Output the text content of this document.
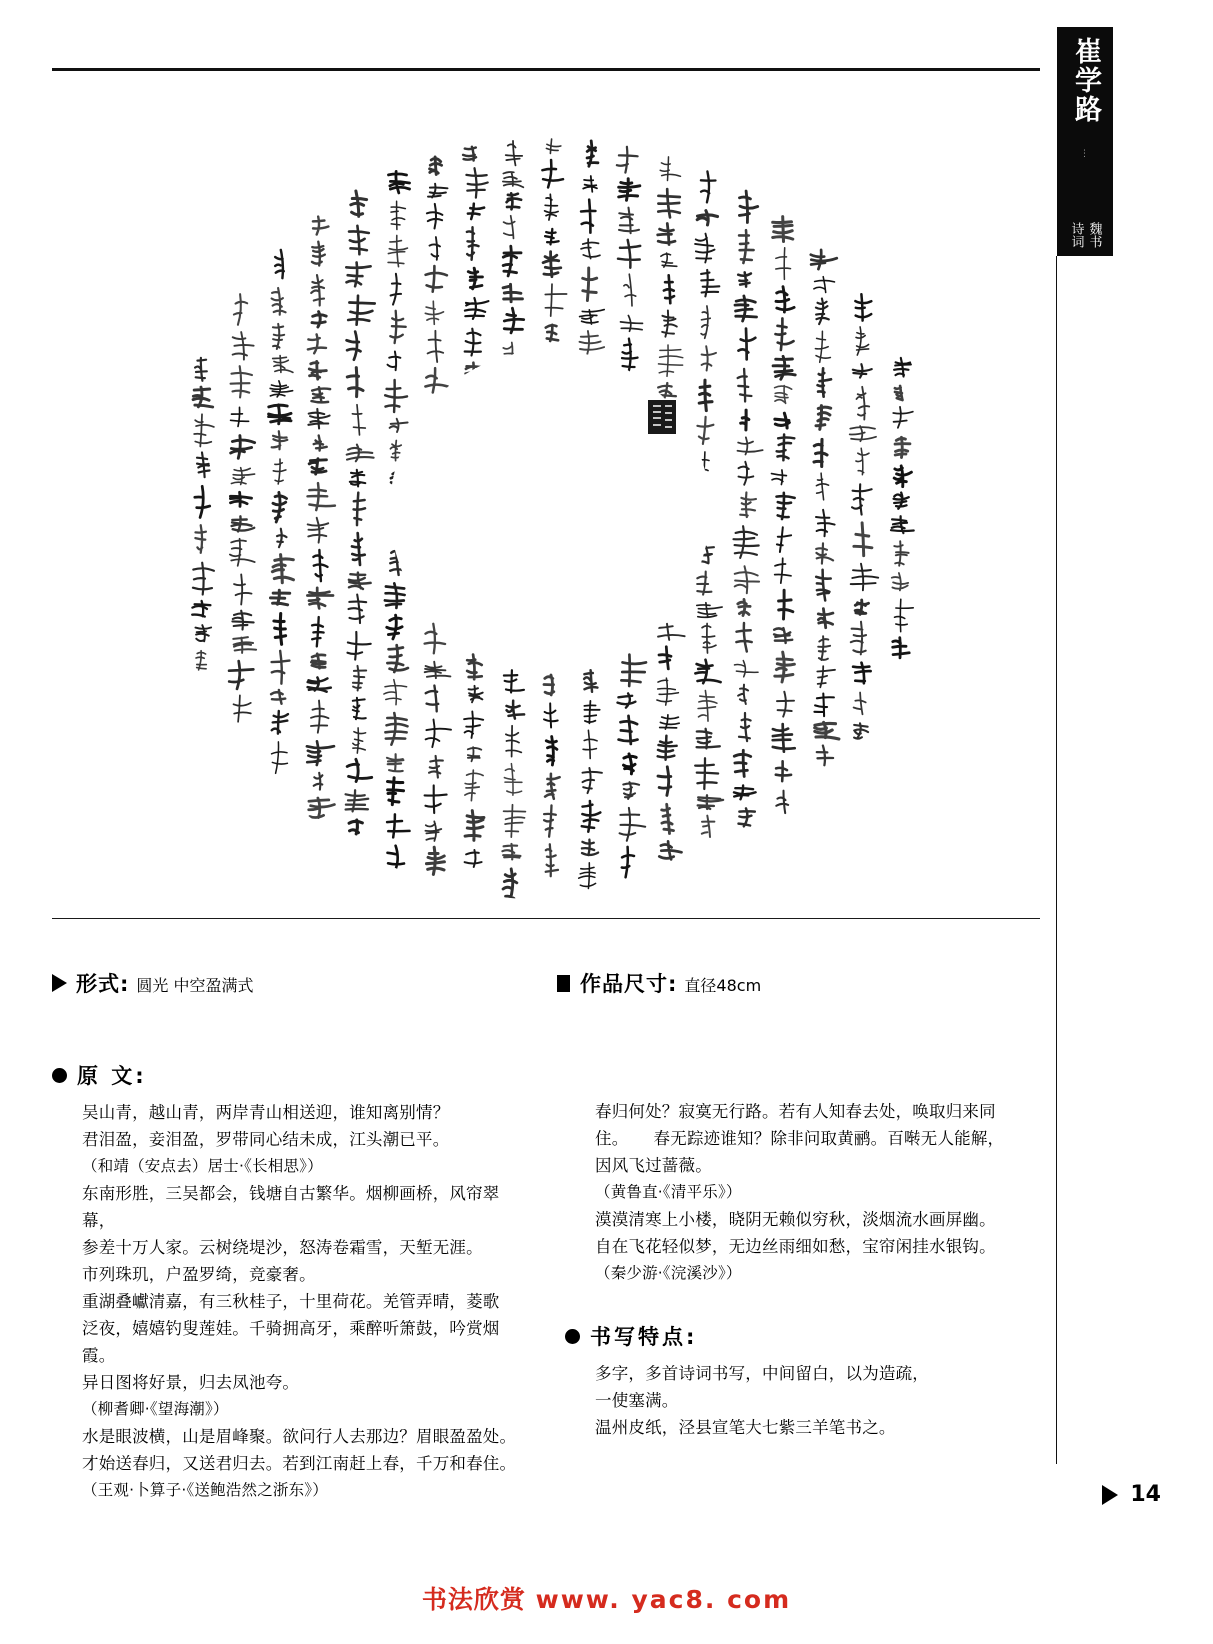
崔学路
⋮
魏书
诗词
形式: 圆光 中空盈满式	作品尺寸: 直径48cm
原 文:
吴山青，越山青，两岸青山相送迎，谁知离别情？
君泪盈，妾泪盈，罗带同心结未成，江头潮已平。
（和靖（安点去）居士·《长相思》）
东南形胜，三吴都会，钱塘自古繁华。烟柳画桥，风帘翠幕，
参差十万人家。云树绕堤沙，怒涛卷霜雪，天堑无涯。
市列珠玑，户盈罗绮，竞豪奢。
重湖叠巘清嘉，有三秋桂子，十里荷花。羌管弄晴，菱歌
泛夜，嬉嬉钓叟莲娃。千骑拥高牙，乘醉听箫鼓，吟赏烟霞。
异日图将好景，归去凤池夸。
（柳耆卿·《望海潮》）
水是眼波横，山是眉峰聚。欲问行人去那边？眉眼盈盈处。
才始送春归，又送君归去。若到江南赶上春，千万和春住。
（王观·卜算子·《送鲍浩然之浙东》）
春归何处？寂寞无行路。若有人知春去处，唤取归来同
住。　　春无踪迹谁知？除非问取黄鹂。百啭无人能解，
因风飞过蔷薇。
（黄鲁直·《清平乐》）
漠漠清寒上小楼，晓阴无赖似穷秋，淡烟流水画屏幽。
自在飞花轻似梦，无边丝雨细如愁，宝帘闲挂水银钩。
（秦少游·《浣溪沙》）
书写特点:
多字，多首诗词书写，中间留白，以为造疏，
一使塞满。
温州皮纸，泾县宣笔大七紫三羊笔书之。
14
书法欣赏 www. yac8. com
